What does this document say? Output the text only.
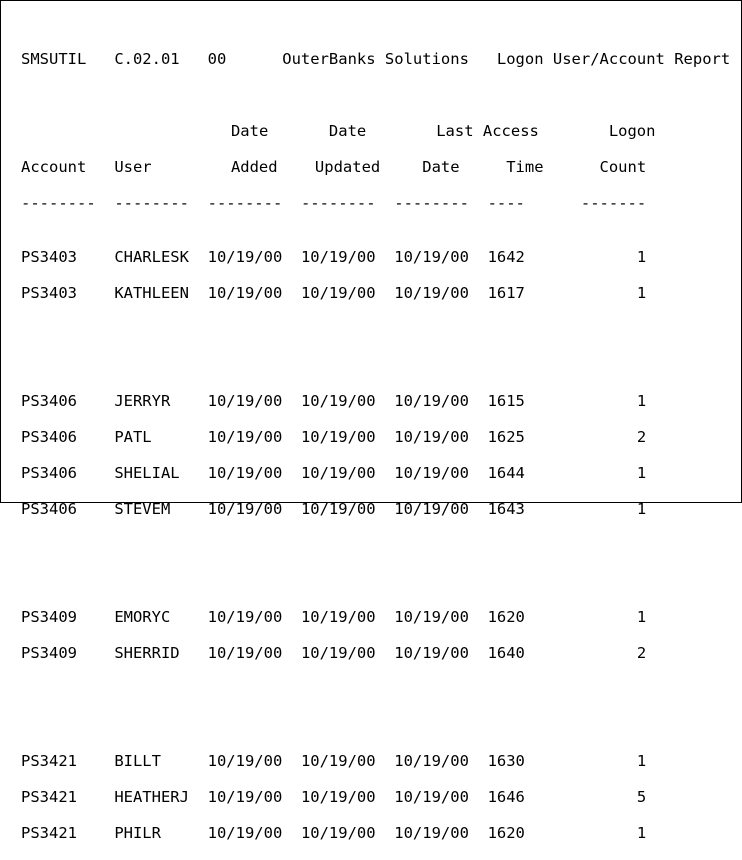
SMSUTIL C.02.01 00	OuterBanks Solutions Logon User/Account Report

Date	Date	Last Access	Logon

Account User	Added Updated	Date	Time	Count

-------- -------- -------- -------- -------- ----	-------

PS3403 CHARLESK 10/19/00 10/19/00 10/19/00 1642	1

PS3403 KATHLEEN 10/19/00 10/19/00 10/19/00 1617	1

PS3406 JERRYR 10/19/00 10/19/00 10/19/00 1615	1

PS3406 PATL	10/19/00 10/19/00 10/19/00 1625	2

PS3406 SHELIAL 10/19/00 10/19/00 10/19/00 1644	1

PS3406 STEVEM 10/19/00 10/19/00 10/19/00 1643	1

PS3409 EMORYC 10/19/00 10/19/00 10/19/00 1620	1

PS3409 SHERRID 10/19/00 10/19/00 10/19/00 1640	2

PS3421 BILLT	10/19/00 10/19/00 10/19/00 1630	1

PS3421 HEATHERJ 10/19/00 10/19/00 10/19/00 1646	5

PS3421 PHILR	10/19/00 10/19/00 10/19/00 1620	1
